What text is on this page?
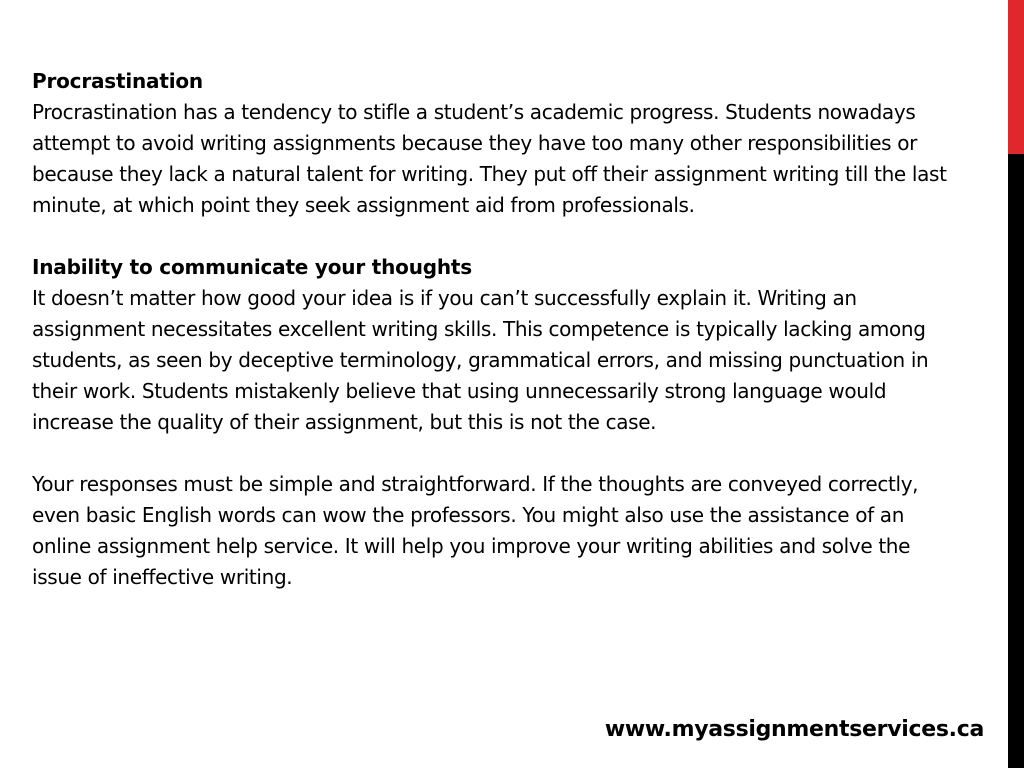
Procrastination

Procrastination has a tendency to stifle a student’s academic progress. Students nowadays attempt to avoid writing assignments because they have too many other responsibilities or because they lack a natural talent for writing. They put off their assignment writing till the last minute, at which point they seek assignment aid from professionals.

Inability to communicate your thoughts

It doesn’t matter how good your idea is if you can’t successfully explain it. Writing an assignment necessitates excellent writing skills. This competence is typically lacking among students, as seen by deceptive terminology, grammatical errors, and missing punctuation in their work. Students mistakenly believe that using unnecessarily strong language would increase the quality of their assignment, but this is not the case.

Your responses must be simple and straightforward. If the thoughts are conveyed correctly, even basic English words can wow the professors. You might also use the assistance of an online assignment help service. It will help you improve your writing abilities and solve the issue of ineffective writing.

www.myassignmentservices.ca
